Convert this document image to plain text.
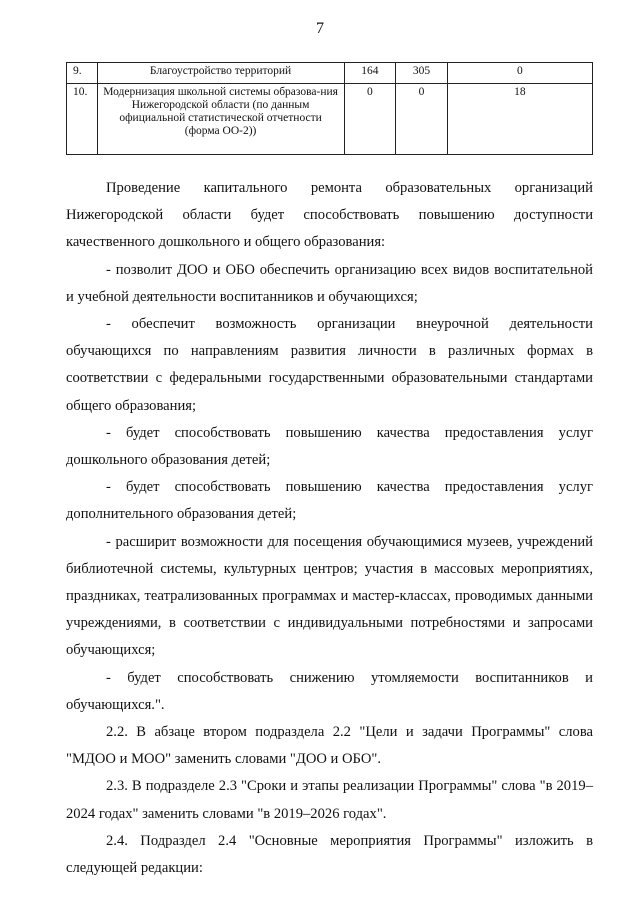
7
9.	Благоустройство территорий	164	305	0
10.	Модернизация школьной системы образова-ния Нижегородской области (по данным официальной статистической отчетности (форма ОО-2))	0	0	18

Проведение капитального ремонта образовательных организаций Нижегородской области будет способствовать повышению доступности качественного дошкольного и общего образования:

- позволит ДОО и ОБО обеспечить организацию всех видов воспитательной и учебной деятельности воспитанников и обучающихся;

- обеспечит возможность организации внеурочной деятельности обучающихся по направлениям развития личности в различных формах в соответствии с федеральными государственными образовательными стандартами общего образования;

- будет способствовать повышению качества предоставления услуг дошкольного образования детей;

- будет способствовать повышению качества предоставления услуг дополнительного образования детей;

- расширит возможности для посещения обучающимися музеев, учреждений библиотечной системы, культурных центров; участия в массовых мероприятиях, праздниках, театрализованных программах и мастер-классах, проводимых данными учреждениями, в соответствии с индивидуальными потребностями и запросами обучающихся;

- будет способствовать снижению утомляемости воспитанников и обучающихся.".

2.2. В абзаце втором подраздела 2.2 "Цели и задачи Программы" слова "МДОО и МОО" заменить словами "ДОО и ОБО".

2.3. В подразделе 2.3 "Сроки и этапы реализации Программы" слова "в 2019–2024 годах" заменить словами "в 2019–2026 годах".

2.4. Подраздел 2.4 "Основные мероприятия Программы" изложить в следующей редакции:
